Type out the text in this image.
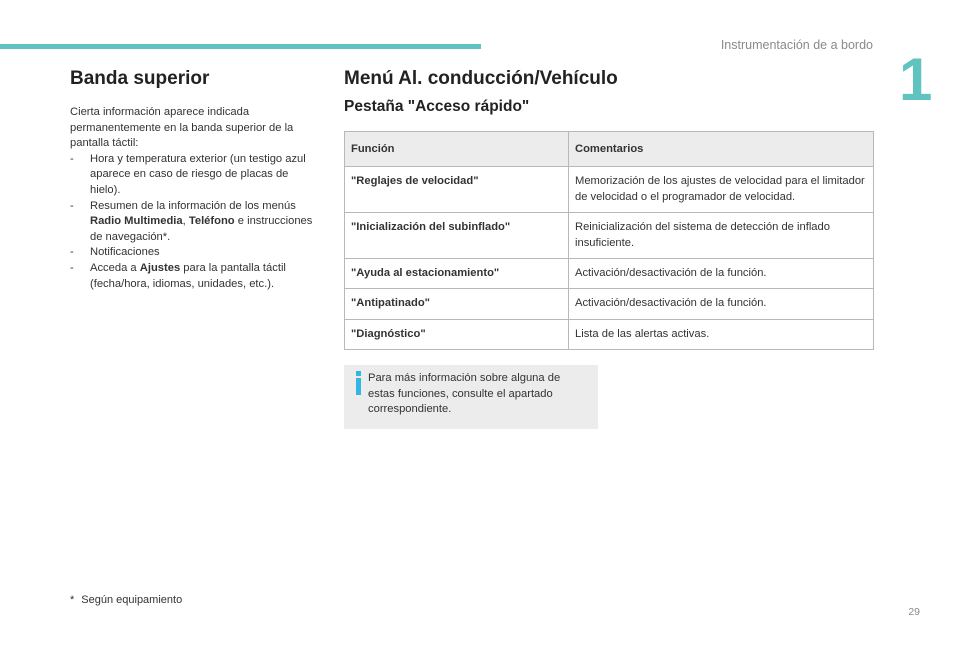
Instrumentación de a bordo
1
Banda superior
Cierta información aparece indicada permanentemente en la banda superior de la pantalla táctil:
- Hora y temperatura exterior (un testigo azul aparece en caso de riesgo de placas de hielo).
- Resumen de la información de los menús Radio Multimedia, Teléfono e instrucciones de navegación*.
- Notificaciones
- Acceda a Ajustes para la pantalla táctil (fecha/hora, idiomas, unidades, etc.).
Menú Al. conducción/Vehículo
Pestaña "Acceso rápido"
Función	Comentarios
"Reglajes de velocidad"	Memorización de los ajustes de velocidad para el limitador de velocidad o el programador de velocidad.
"Inicialización del subinflado"	Reinicialización del sistema de detección de inflado insuficiente.
"Ayuda al estacionamiento"	Activación/desactivación de la función.
"Antipatinado"	Activación/desactivación de la función.
"Diagnóstico"	Lista de las alertas activas.
Para más información sobre alguna de estas funciones, consulte el apartado correspondiente.
* Según equipamiento
29
